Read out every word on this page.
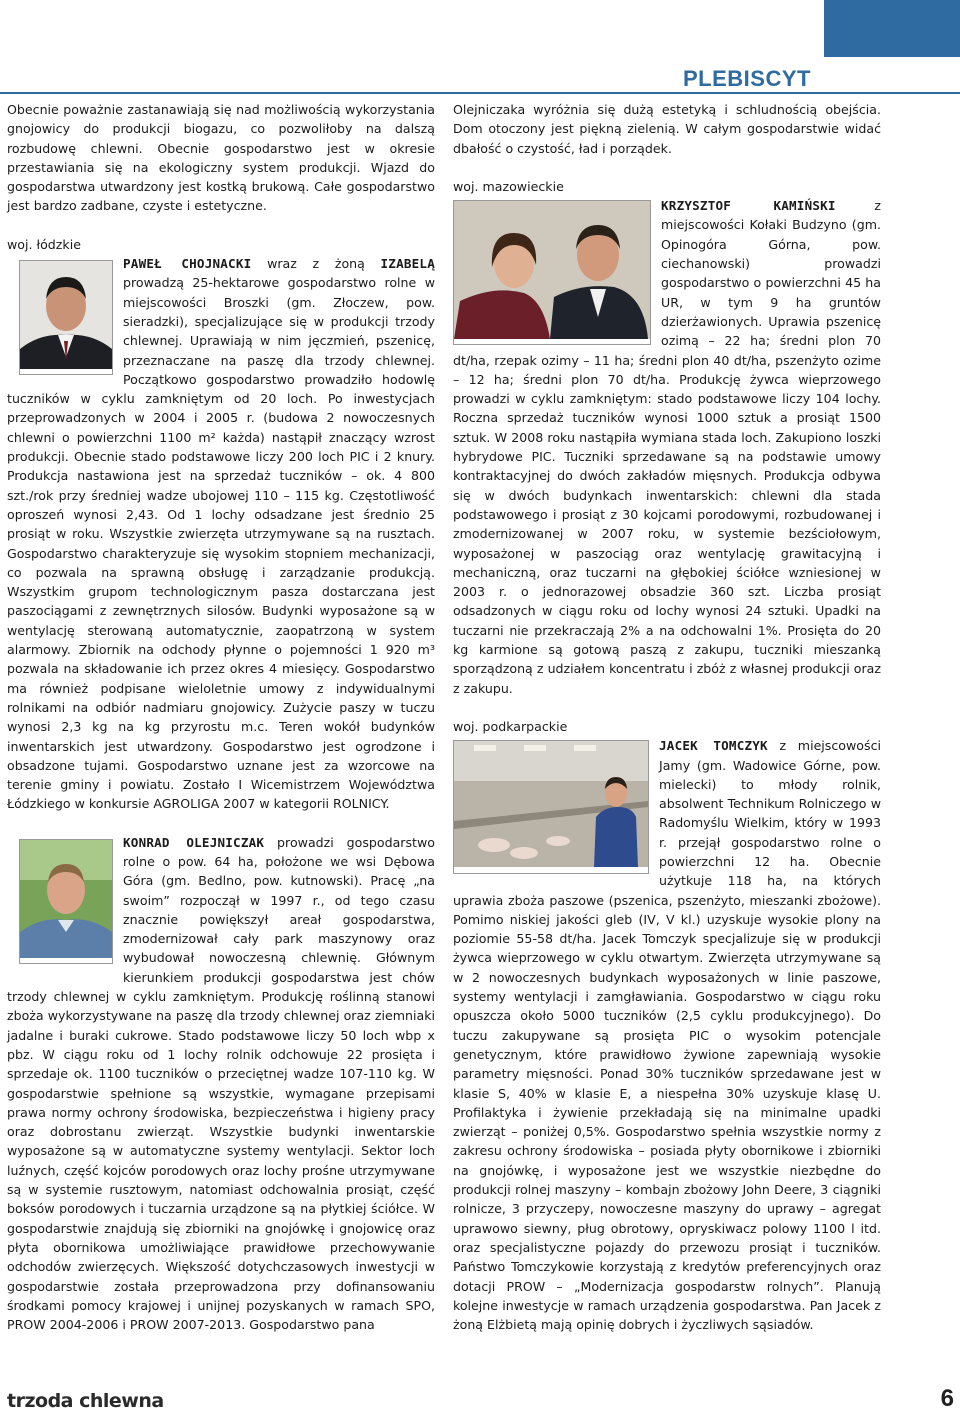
PLEBISCYT

Obecnie poważnie zastanawiają się nad możliwością wykorzystania gnojowicy do produkcji biogazu, co pozwoliłoby na dalszą rozbudowę chlewni. Obecnie gospodarstwo jest w okresie przestawiania się na ekologiczny system produkcji. Wjazd do gospodarstwa utwardzony jest kostką brukową. Całe gospodarstwo jest bardzo zadbane, czyste i estetyczne.

woj. łódzkie

PAWEŁ CHOJNACKI wraz z żoną IZABELĄ prowadzą 25-hektarowe gospodarstwo rolne w miejscowości Broszki (gm. Złoczew, pow. sieradzki), specjalizujące się w produkcji trzody chlewnej. Uprawiają w nim jęczmień, pszenicę, przeznaczane na paszę dla trzody chlewnej. Początkowo gospodarstwo prowadziło hodowlę tuczników w cyklu zamkniętym od 20 loch. Po inwestycjach przeprowadzonych w 2004 i 2005 r. (budowa 2 nowoczesnych chlewni o powierzchni 1100 m² każda) nastąpił znaczący wzrost produkcji. Obecnie stado podstawowe liczy 200 loch PIC i 2 knury. Produkcja nastawiona jest na sprzedaż tuczników – ok. 4 800 szt./rok przy średniej wadze ubojowej 110 – 115 kg. Częstotliwość oproszeń wynosi 2,43. Od 1 lochy odsadzane jest średnio 25 prosiąt w roku. Wszystkie zwierzęta utrzymywane są na rusztach. Gospodarstwo charakteryzuje się wysokim stopniem mechanizacji, co pozwala na sprawną obsługę i zarządzanie produkcją. Wszystkim grupom technologicznym pasza dostarczana jest paszociągami z zewnętrznych silosów. Budynki wyposażone są w wentylację sterowaną automatycznie, zaopatrzoną w system alarmowy. Zbiornik na odchody płynne o pojemności 1 920 m³ pozwala na składowanie ich przez okres 4 miesięcy. Gospodarstwo ma również podpisane wieloletnie umowy z indywidualnymi rolnikami na odbiór nadmiaru gnojowicy. Zużycie paszy w tuczu wynosi 2,3 kg na kg przyrostu m.c. Teren wokół budynków inwentarskich jest utwardzony. Gospodarstwo jest ogrodzone i obsadzone tujami. Gospodarstwo uznane jest za wzorcowe na terenie gminy i powiatu. Zostało I Wicemistrzem Województwa Łódzkiego w konkursie AGROLIGA 2007 w kategorii ROLNICY.

KONRAD OLEJNICZAK prowadzi gospodarstwo rolne o pow. 64 ha, położone we wsi Dębowa Góra (gm. Bedlno, pow. kutnowski). Pracę „na swoim” rozpoczął w 1997 r., od tego czasu znacznie powiększył areał gospodarstwa, zmodernizował cały park maszynowy oraz wybudował nowoczesną chlewnię. Głównym kierunkiem produkcji gospodarstwa jest chów trzody chlewnej w cyklu zamkniętym. Produkcję roślinną stanowi zboża wykorzystywane na paszę dla trzody chlewnej oraz ziemniaki jadalne i buraki cukrowe. Stado podstawowe liczy 50 loch wbp x pbz. W ciągu roku od 1 lochy rolnik odchowuje 22 prosięta i sprzedaje ok. 1100 tuczników o przeciętnej wadze 107-110 kg. W gospodarstwie spełnione są wszystkie, wymagane przepisami prawa normy ochrony środowiska, bezpieczeństwa i higieny pracy oraz dobrostanu zwierząt. Wszystkie budynki inwentarskie wyposażone są w automatyczne systemy wentylacji. Sektor loch luźnych, część kojców porodowych oraz lochy prośne utrzymywane są w systemie rusztowym, natomiast odchowalnia prosiąt, część boksów porodowych i tuczarnia urządzone są na płytkiej ściółce. W gospodarstwie znajdują się zbiorniki na gnojówkę i gnojowicę oraz płyta obornikowa umożliwiające prawidłowe przechowywanie odchodów zwierzęcych. Większość dotychczasowych inwestycji w gospodarstwie została przeprowadzona przy dofinansowaniu środkami pomocy krajowej i unijnej pozyskanych w ramach SPO, PROW 2004-2006 i PROW 2007-2013. Gospodarstwo pana

Olejniczaka wyróżnia się dużą estetyką i schludnością obejścia. Dom otoczony jest piękną zielenią. W całym gospodarstwie widać dbałość o czystość, ład i porządek.

woj. mazowieckie

KRZYSZTOF KAMIŃSKI	z miejscowości Kołaki Budzyno (gm. Opinogóra Górna, pow. ciechanowski) prowadzi gospodarstwo o powierzchni 45 ha UR, w tym 9 ha gruntów dzierżawionych. Uprawia pszenicę ozimą – 22 ha; średni plon 70 dt/ha, rzepak ozimy – 11 ha; średni plon 40 dt/ha, pszenżyto ozime – 12 ha; średni plon 70 dt/ha. Produkcję żywca wieprzowego prowadzi w cyklu zamkniętym: stado podstawowe liczy 104 lochy. Roczna sprzedaż tuczników wynosi 1000 sztuk a prosiąt 1500 sztuk. W 2008 roku nastąpiła wymiana stada loch. Zakupiono loszki hybrydowe PIC. Tuczniki sprzedawane są na podstawie umowy kontraktacyjnej do dwóch zakładów mięsnych. Produkcja odbywa się w dwóch budynkach inwentarskich: chlewni dla stada podstawowego i prosiąt z 30 kojcami porodowymi, rozbudowanej i zmodernizowanej w 2007 roku, w systemie bezściołowym, wyposażonej w paszociąg oraz wentylację grawitacyjną i mechaniczną, oraz tuczarni na głębokiej ściółce wzniesionej w 2003 r. o jednorazowej obsadzie 360 szt. Liczba prosiąt odsadzonych w ciągu roku od lochy wynosi 24 sztuki. Upadki na tuczarni nie przekraczają 2% a na odchowalni 1%. Prosięta do 20 kg karmione są gotową paszą z zakupu, tuczniki mieszanką sporządzoną z udziałem koncentratu i zbóż z własnej produkcji oraz z zakupu.

woj. podkarpackie

JACEK TOMCZYK
z miejscowości Jamy (gm. Wadowice Górne, pow. mielecki) to młody rolnik, absolwent Technikum Rolniczego w Radomyślu Wielkim, który w 1993 r. przejął gospodarstwo rolne o powierzchni 12 ha. Obecnie użytkuje 118 ha, na których uprawia zboża paszowe (pszenica, pszenżyto, mieszanki zbożowe). Pomimo niskiej jakości gleb (IV, V kl.) uzyskuje wysokie plony na poziomie 55-58 dt/ha. Jacek Tomczyk specjalizuje się w produkcji żywca wieprzowego w cyklu otwartym. Zwierzęta utrzymywane są w 2 nowoczesnych budynkach wyposażonych w linie paszowe, systemy wentylacji i zamgławiania. Gospodarstwo w ciągu roku opuszcza około 5000 tuczników (2,5 cyklu produkcyjnego). Do tuczu zakupywane są prosięta PIC o wysokim potencjale genetycznym, które prawidłowo żywione zapewniają wysokie parametry mięsności. Ponad 30% tuczników sprzedawane jest w klasie S, 40% w klasie E, a niespełna 30% uzyskuje klasę U. Profilaktyka i żywienie przekładają się na minimalne upadki zwierząt – poniżej 0,5%. Gospodarstwo spełnia wszystkie normy z zakresu ochrony środowiska – posiada płyty obornikowe i zbiorniki na gnojówkę, i wyposażone jest we wszystkie niezbędne do produkcji rolnej maszyny – kombajn zbożowy John Deere, 3 ciągniki rolnicze, 3 przyczepy, nowoczesne maszyny do uprawy – agregat uprawowo siewny, pług obrotowy, opryskiwacz polowy 1100 l itd. oraz specjalistyczne pojazdy do przewozu prosiąt i tuczników. Państwo Tomczykowie korzystają z kredytów preferencyjnych oraz dotacji PROW – „Modernizacja gospodarstw rolnych”. Planują kolejne inwestycje w ramach urządzenia gospodarstwa. Pan Jacek z żoną Elżbietą mają opinię dobrych i życzliwych sąsiadów.

trzoda chlewna	6
